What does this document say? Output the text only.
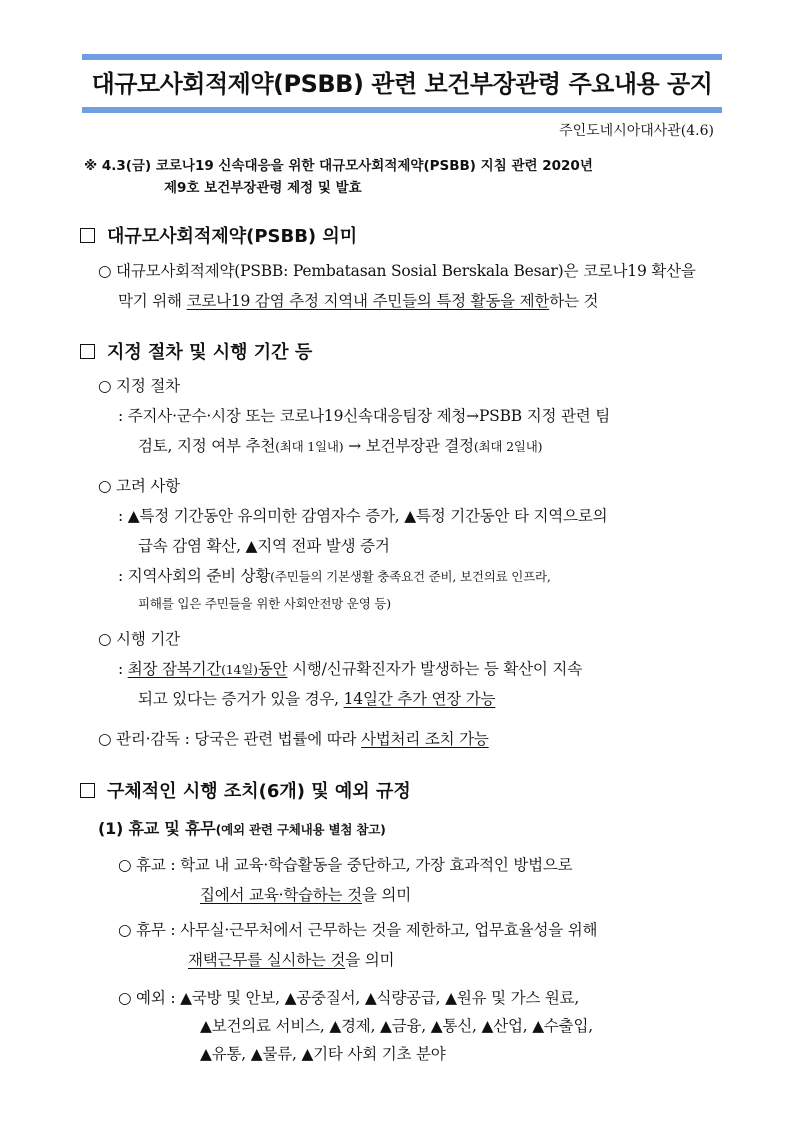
대규모사회적제약(PSBB) 관련 보건부장관령 주요내용 공지
주인도네시아대사관(4.6)
※ 4.3(금) 코로나19 신속대응을 위한 대규모사회적제약(PSBB) 지침 관련 2020년
제9호 보건부장관령 제정 및 발효
대규모사회적제약(PSBB) 의미
○ 대규모사회적제약(PSBB: Pembatasan Sosial Berskala Besar)은 코로나19 확산을
막기 위해 코로나19 감염 추정 지역내 주민들의 특정 활동을 제한하는 것
지정 절차 및 시행 기간 등
○ 지정 절차
: 주지사·군수·시장 또는 코로나19신속대응팀장 제청→PSBB 지정 관련 팀
검토, 지정 여부 추천(최대 1일내) → 보건부장관 결정(최대 2일내)
○ 고려 사항
: ▲특정 기간동안 유의미한 감염자수 증가, ▲특정 기간동안 타 지역으로의
급속 감염 확산, ▲지역 전파 발생 증거
: 지역사회의 준비 상황(주민들의 기본생활 충족요건 준비, 보건의료 인프라,
피해를 입은 주민들을 위한 사회안전망 운영 등)
○ 시행 기간
: 최장 잠복기간(14일)동안 시행/신규확진자가 발생하는 등 확산이 지속
되고 있다는 증거가 있을 경우, 14일간 추가 연장 가능
○ 관리·감독 : 당국은 관련 법률에 따라 사법처리 조치 가능
구체적인 시행 조치(6개) 및 예외 규정
(1) 휴교 및 휴무(예외 관련 구체내용 별첨 참고)
○ 휴교 : 학교 내 교육·학습활동을 중단하고, 가장 효과적인 방법으로
집에서 교육·학습하는 것을 의미
○ 휴무 : 사무실·근무처에서 근무하는 것을 제한하고, 업무효율성을 위해
재택근무를 실시하는 것을 의미
○ 예외 : ▲국방 및 안보, ▲공중질서, ▲식량공급, ▲원유 및 가스 원료,
▲보건의료 서비스, ▲경제, ▲금융, ▲통신, ▲산업, ▲수출입,
▲유통, ▲물류, ▲기타 사회 기초 분야
